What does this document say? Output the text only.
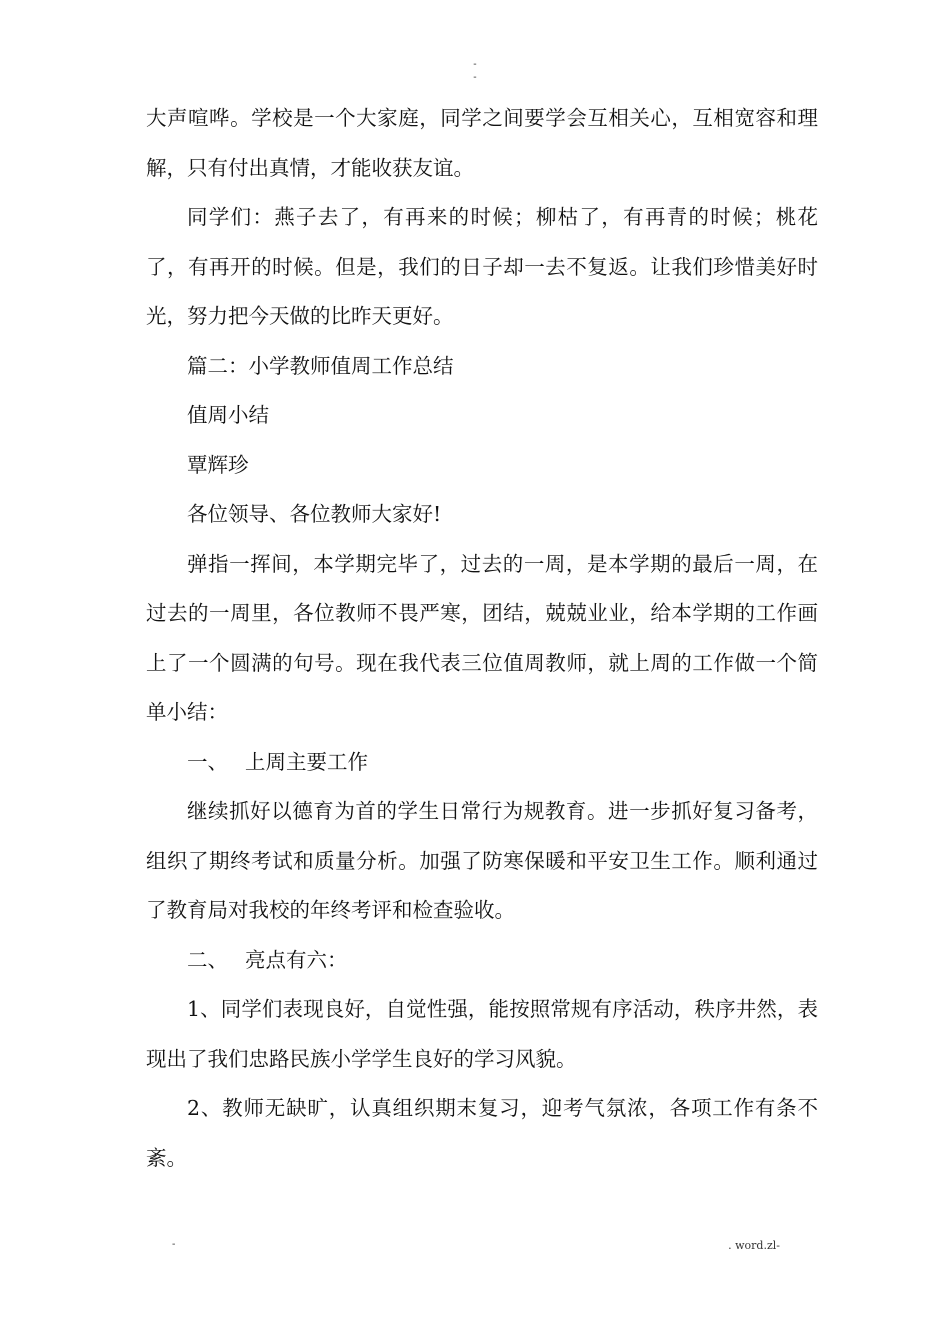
-
-

大声喧哗。学校是一个大家庭，同学之间要学会互相关心，互相宽容和理解，只有付出真情，才能收获友谊。

同学们：燕子去了，有再来的时候；柳枯了，有再青的时候；桃花了，有再开的时候。但是，我们的日子却一去不复返。让我们珍惜美好时光，努力把今天做的比昨天更好。

篇二：小学教师值周工作总结

值周小结

覃辉珍

各位领导、各位教师大家好!

弹指一挥间，本学期完毕了，过去的一周，是本学期的最后一周，在过去的一周里，各位教师不畏严寒，团结，兢兢业业，给本学期的工作画上了一个圆满的句号。现在我代表三位值周教师，就上周的工作做一个简单小结：

一、 上周主要工作

继续抓好以德育为首的学生日常行为规教育。进一步抓好复习备考，组织了期终考试和质量分析。加强了防寒保暖和平安卫生工作。顺利通过了教育局对我校的年终考评和检查验收。

二、 亮点有六：

1、同学们表现良好，自觉性强，能按照常规有序活动，秩序井然，表现出了我们忠路民族小学学生良好的学习风貌。

2、教师无缺旷，认真组织期末复习，迎考气氛浓，各项工作有条不紊。

-	. word.zl-
